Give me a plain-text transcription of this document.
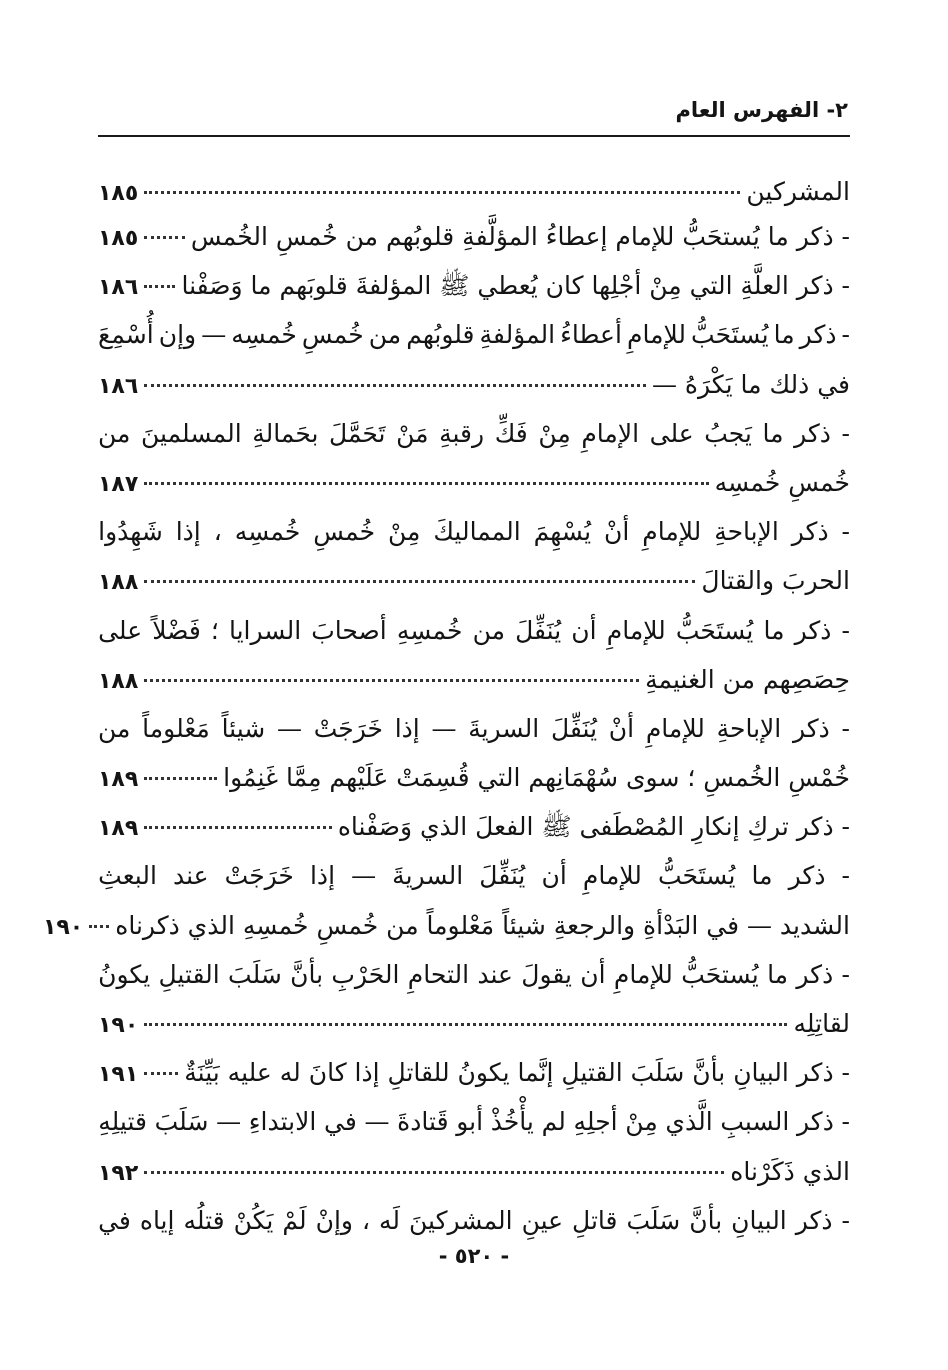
٢- الفهرس العام
المشركين
١٨٥
- ذكر ما يُستحَبُّ للإمام إعطاءُ المؤلَّفةِ قلوبُهم من خُمسِ الخُمس
١٨٥
- ذكر العلَّةِ التي مِنْ أجْلِها كان يُعطي ﷺ المؤلفةَ قلوبَهم ما وَصَفْنا
١٨٦
-
ذكر
ما
يُستَحَبُّ
للإمامِ
أعطاءُ
المؤلفةِ
قلوبُهم
من
خُمسِ
خُمسِه
—
وإن
أُسْمِعَ
في ذلك ما يَكْرَهُ —
١٨٦
-
ذكر
ما
يَجبُ
على
الإمامِ
مِنْ
فَكِّ
رقبةِ
مَنْ
تَحَمَّلَ
بحَمالةِ
المسلمينَ
من
خُمسِ خُمسِه
١٨٧
-
ذكر
الإباحةِ
للإمامِ
أنْ
يُسْهِمَ
المماليكَ
مِنْ
خُمسِ
خُمسِه
،
إذا
شَهِدُوا
الحربَ والقتالَ
١٨٨
-
ذكر
ما
يُستَحَبُّ
للإمامِ
أن
يُنَفِّلَ
من
خُمسِهِ
أصحابَ
السرايا
؛
فَضْلاً
على
حِصَصِهم من الغنيمةِ
١٨٨
-
ذكر
الإباحةِ
للإمامِ
أنْ
يُنَفِّلَ
السريةَ
—
إذا
خَرَجَتْ
—
شيئاً
مَعْلوماً
من
خُمْسِ الخُمسِ ؛ سوى سُهْمَانِهم التي قُسِمَتْ عَلَيْهم مِمَّا غَنِمُوا
١٨٩
- ذكر تركِ إنكارِ المُصْطَفى ﷺ الفعلَ الذي وَصَفْناه
١٨٩
-
ذكر
ما
يُستَحَبُّ
للإمامِ
أن
يُنَفِّلَ
السريةَ
—
إذا
خَرَجَتْ
عند
البعثِ
الشديد — في البَدْأةِ والرجعةِ شيئاً مَعْلوماً من خُمسِ خُمسِهِ الذي ذكرناه
١٩٠
-
ذكر
ما
يُستحَبُّ
للإمامِ
أن
يقولَ
عند
التحامِ
الحَرْبِ
بأنَّ
سَلَبَ
القتيلِ
يكونُ
لقاتِلِه
١٩٠
- ذكر البيانِ بأنَّ سَلَبَ القتيلِ إنَّما يكونُ للقاتلِ إذا كانَ له عليه بَيِّنَةٌ
١٩١
-
ذكر
السببِ
الَّذي
مِنْ
أجلِهِ
لم
يأْخُذْ
أبو
قَتادةَ
—
في
الابتداءِ
—
سَلَبَ
قتيلِهِ
الذي ذَكَرْناه
١٩٢
-
ذكر
البيانِ
بأنَّ
سَلَبَ
قاتلِ
عينِ
المشركينَ
لَه
،
وإنْ
لَمْ
يَكُنْ
قتلُه
إياه
في
- ٥٢٠ -
